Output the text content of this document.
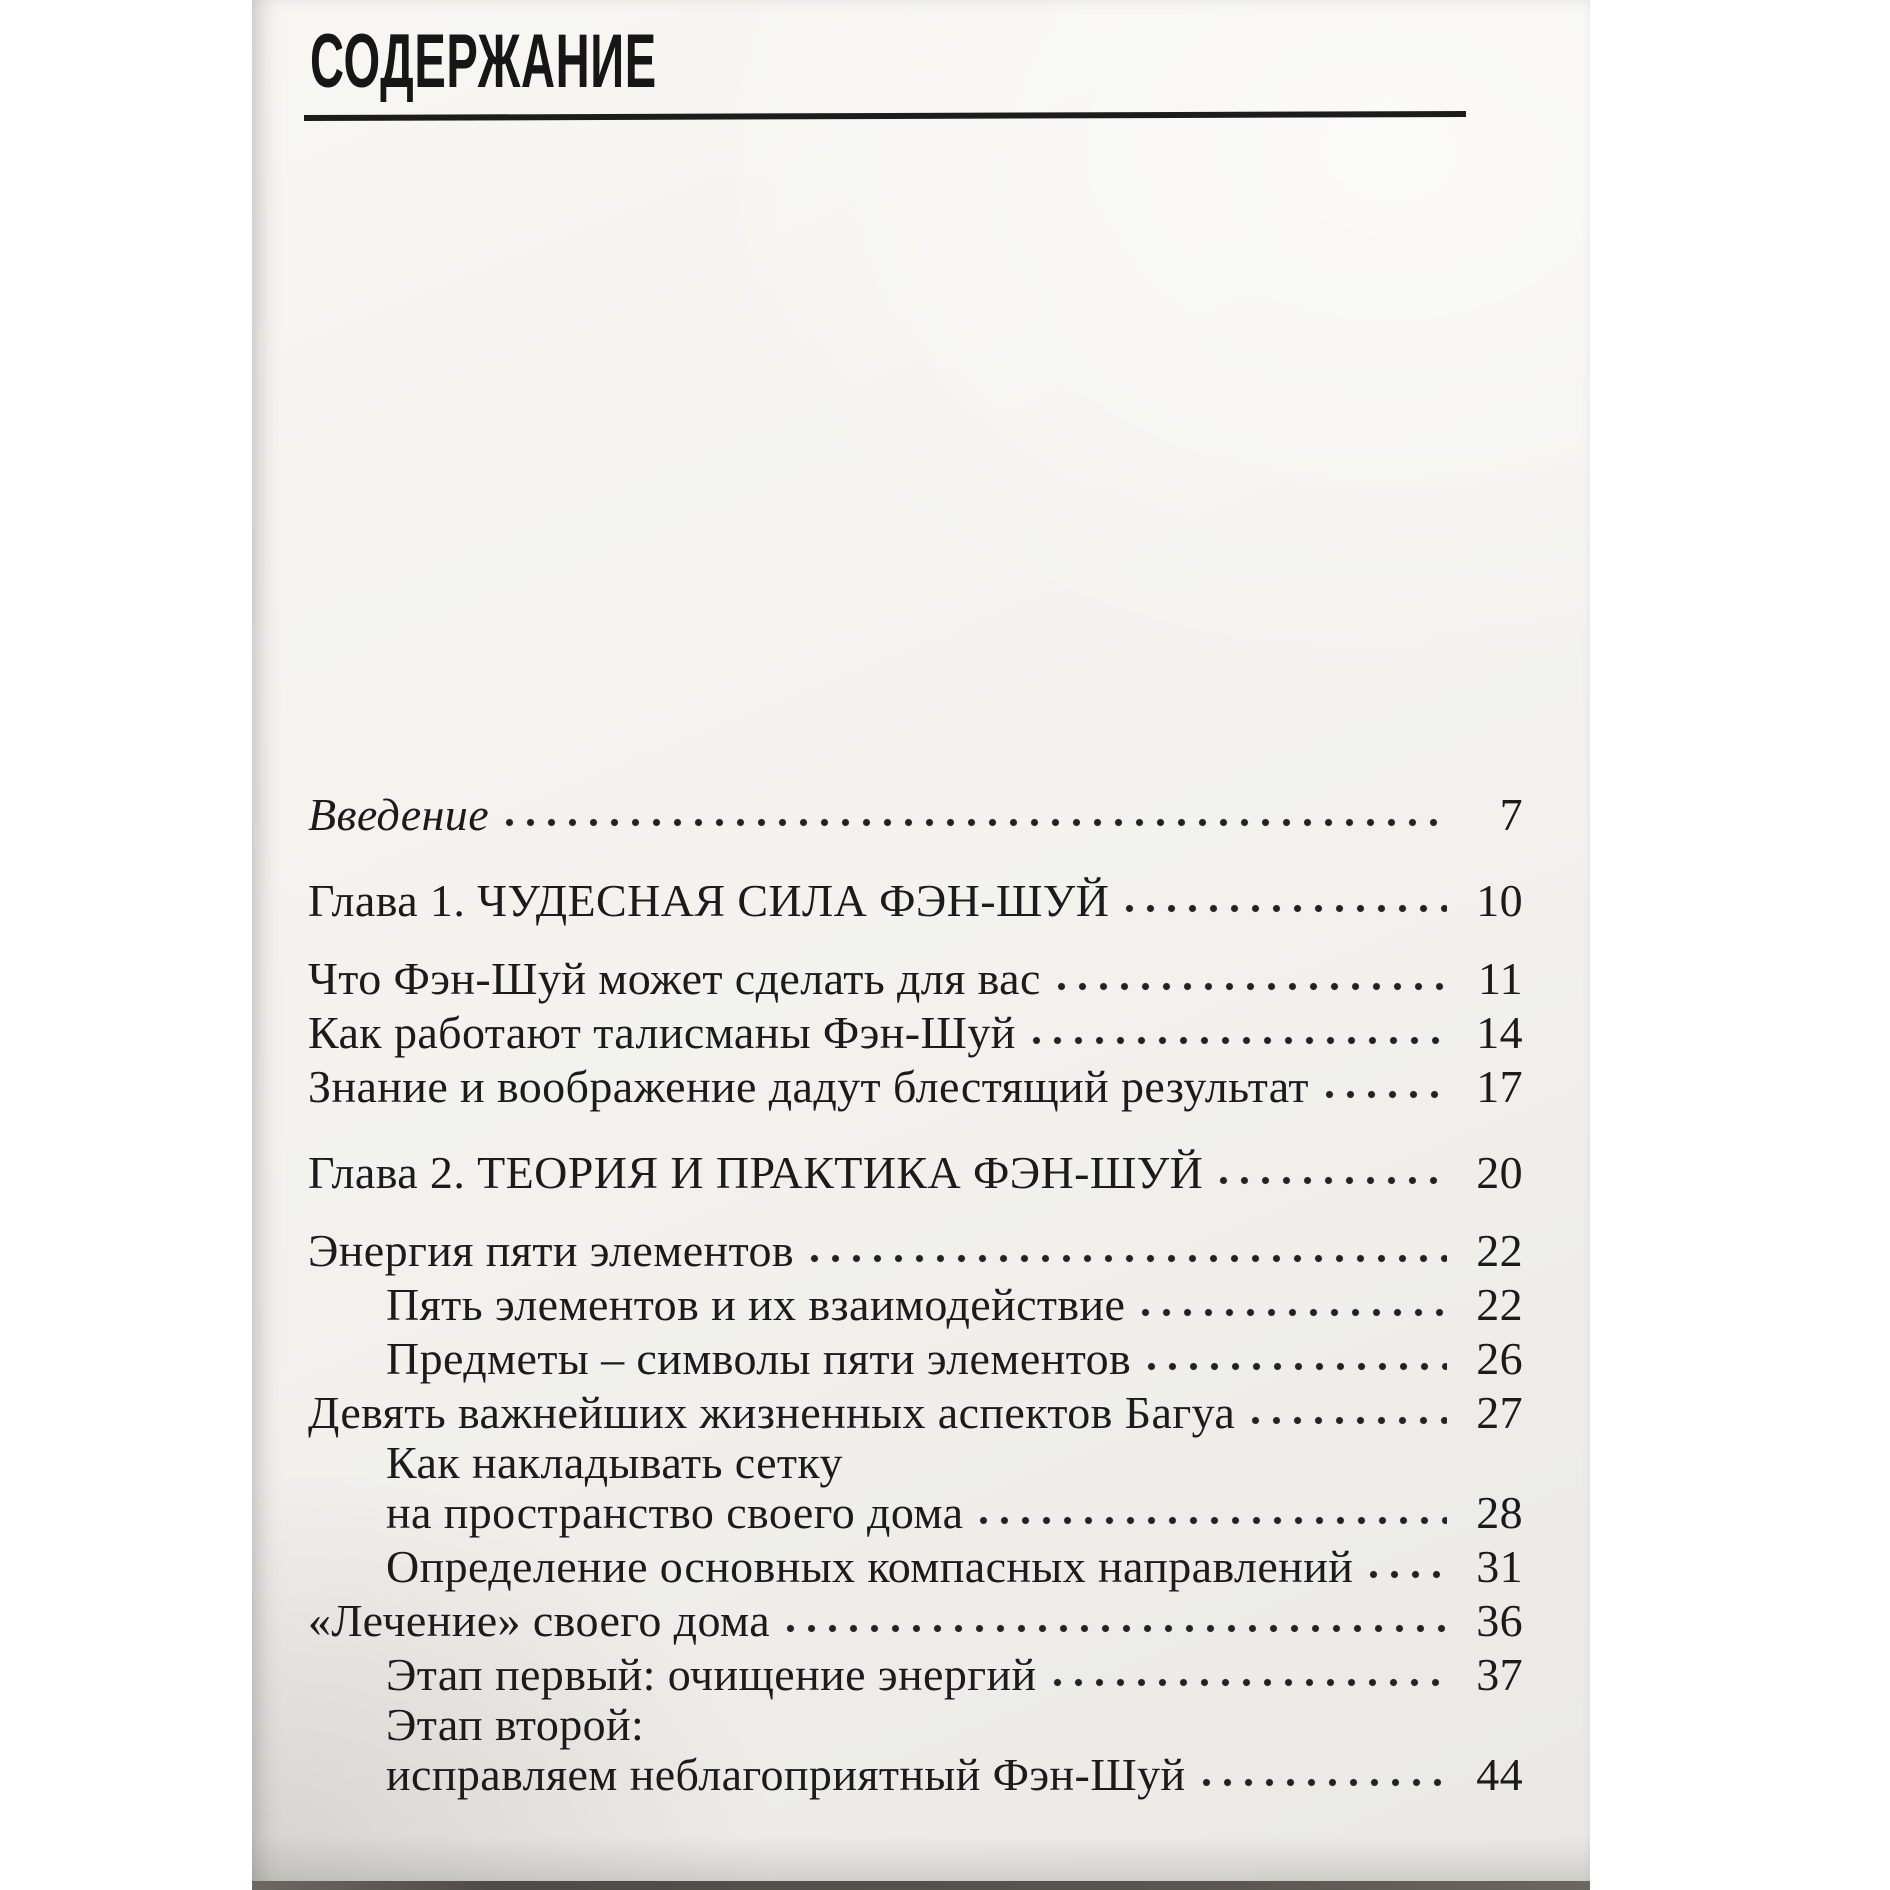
СОДЕРЖАНИЕ
Введение	7
Глава 1. ЧУДЕСНАЯ СИЛА ФЭН-ШУЙ	10
Что Фэн-Шуй может сделать для вас	11
Как работают талисманы Фэн-Шуй	14
Знание и воображение дадут блестящий результат	17
Глава 2. ТЕОРИЯ И ПРАКТИКА ФЭН-ШУЙ	20
Энергия пяти элементов	22
Пять элементов и их взаимодействие	22
Предметы – символы пяти элементов	26
Девять важнейших жизненных аспектов Багуа	27
Как накладывать сетку
на пространство своего дома	28
Определение основных компасных направлений	31
«Лечение» своего дома	36
Этап первый: очищение энергий	37
Этап второй:
исправляем неблагоприятный Фэн-Шуй	44
